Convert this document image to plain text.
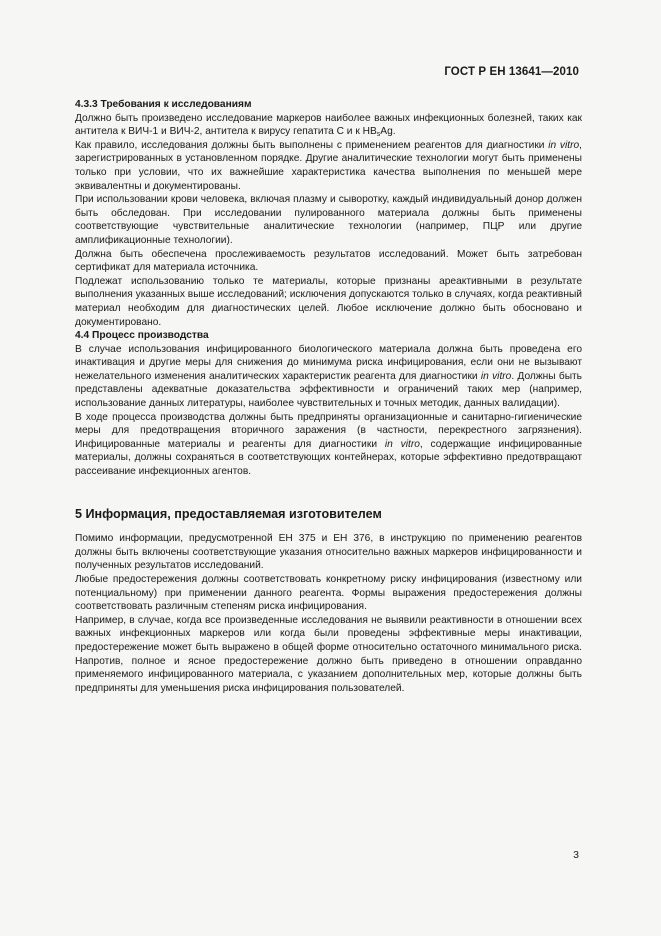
ГОСТ Р ЕН 13641—2010
4.3.3 Требования к исследованиям

Должно быть произведено исследование маркеров наиболее важных инфекционных болезней, таких как антитела к ВИЧ-1 и ВИЧ-2, антитела к вирусу гепатита С и к $HB_sAg$.

Как правило, исследования должны быть выполнены с применением реагентов для диагностики in vitro, зарегистрированных в установленном порядке. Другие аналитические технологии могут быть применены только при условии, что их важнейшие характеристика качества выполнения по меньшей мере эквивалентны и документированы.

При использовании крови человека, включая плазму и сыворотку, каждый индивидуальный донор должен быть обследован. При исследовании пулированного материала должны быть применены соответствующие чувствительные аналитические технологии (например, ПЦР или другие амплификационные технологии).

Должна быть обеспечена прослеживаемость результатов исследований. Может быть затребован сертификат для материала источника.

Подлежат использованию только те материалы, которые признаны ареактивными в результате выполнения указанных выше исследований; исключения допускаются только в случаях, когда реактивный материал необходим для диагностических целей. Любое исключение должно быть обосновано и документировано.

4.4 Процесс производства

В случае использования инфицированного биологического материала должна быть проведена его инактивация и другие меры для снижения до минимума риска инфицирования, если они не вызывают нежелательного изменения аналитических характеристик реагента для диагностики in vitro. Должны быть представлены адекватные доказательства эффективности и ограничений таких мер (например, использование данных литературы, наиболее чувствительных и точных методик, данных валидации).

В ходе процесса производства должны быть предприняты организационные и санитарно-гигиенические меры для предотвращения вторичного заражения (в частности, перекрестного загрязнения). Инфицированные материалы и реагенты для диагностики in vitro, содержащие инфицированные материалы, должны сохраняться в соответствующих контейнерах, которые эффективно предотвращают рассеивание инфекционных агентов.

5 Информация, предоставляемая изготовителем

Помимо информации, предусмотренной ЕН 375 и ЕН 376, в инструкцию по применению реагентов должны быть включены соответствующие указания относительно важных маркеров инфицированности и полученных результатов исследований.

Любые предостережения должны соответствовать конкретному риску инфицирования (известному или потенциальному) при применении данного реагента. Формы выражения предостережения должны соответствовать различным степеням риска инфицирования.

Например, в случае, когда все произведенные исследования не выявили реактивности в отношении всех важных инфекционных маркеров или когда были проведены эффективные меры инактивации, предостережение может быть выражено в общей форме относительно остаточного минимального риска. Напротив, полное и ясное предостережение должно быть приведено в отношении оправданно применяемого инфицированного материала, с указанием дополнительных мер, которые должны быть предприняты для уменьшения риска инфицирования пользователей.

3
